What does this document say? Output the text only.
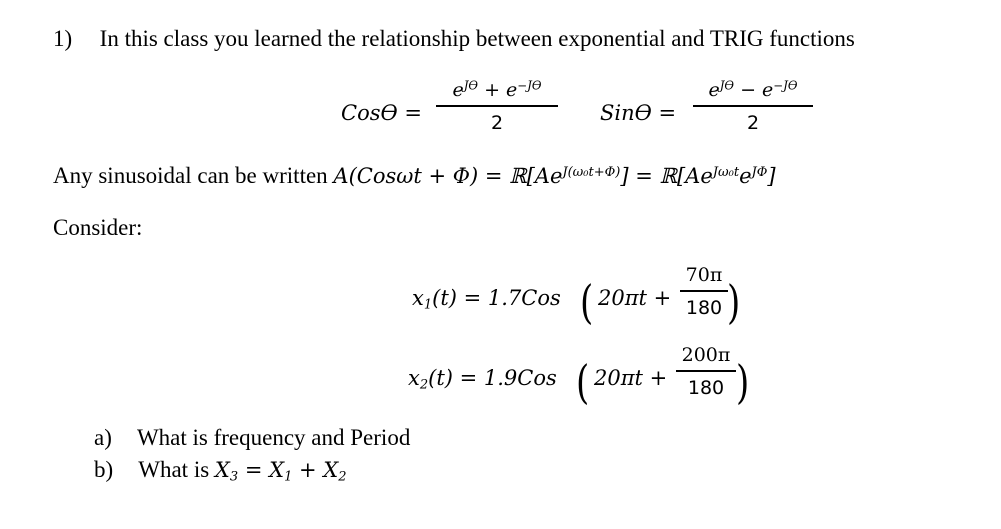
1) In this class you learned the relationship between exponential and TRIG functions
Cosϴ =
$e^{Jϴ} + e^{-Jϴ}$
2	Sinϴ =
$e^{Jϴ} - e^{-Jϴ}$
2
Any sinusoidal can be written $A(Cos\omega t + \Phi) = ℝ[Ae^{J(\omega_0t+\Phi)}]$ = $ℝ[Ae^{J\omega_0t}e^{J\Phi}]$
Consider:
$x_1(t) = 1.7Cos$ ( 20πt +
70π
180 )
$x_2(t) = 1.9Cos$ ( 20πt +
200π
180 )
a) What is frequency and Period
b) What is $X_3 = X_1 + X_2$
